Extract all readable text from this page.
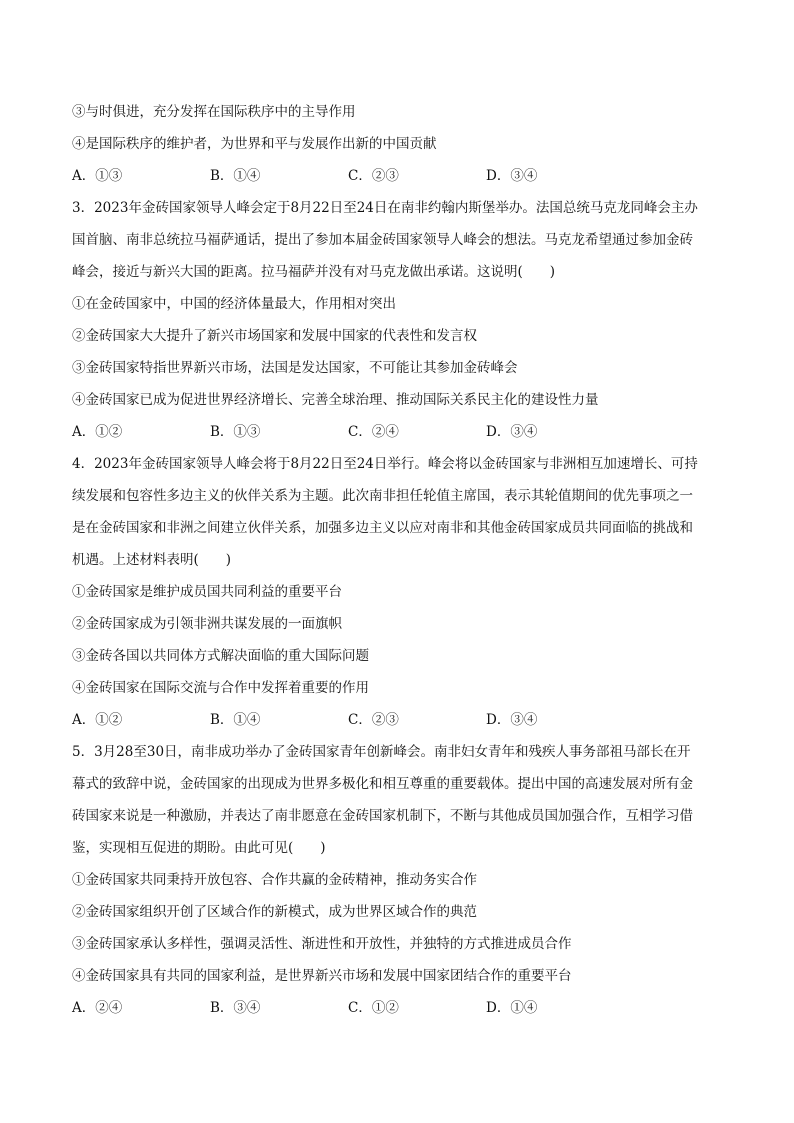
③与时俱进，充分发挥在国际秩序中的主导作用
④是国际秩序的维护者，为世界和平与发展作出新的中国贡献
A．①③	B．①④	C．②③	D．③④
3．2023年金砖国家领导人峰会定于8月22日至24日在南非约翰内斯堡举办。法国总统马克龙同峰会主办
国首脑、南非总统拉马福萨通话，提出了参加本届金砖国家领导人峰会的想法。马克龙希望通过参加金砖
峰会，接近与新兴大国的距离。拉马福萨并没有对马克龙做出承诺。这说明(　　)
①在金砖国家中，中国的经济体量最大，作用相对突出
②金砖国家大大提升了新兴市场国家和发展中国家的代表性和发言权
③金砖国家特指世界新兴市场，法国是发达国家，不可能让其参加金砖峰会
④金砖国家已成为促进世界经济增长、完善全球治理、推动国际关系民主化的建设性力量
A．①②	B．①③	C．②④	D．③④
4．2023年金砖国家领导人峰会将于8月22日至24日举行。峰会将以金砖国家与非洲相互加速增长、可持
续发展和包容性多边主义的伙伴关系为主题。此次南非担任轮值主席国，表示其轮值期间的优先事项之一
是在金砖国家和非洲之间建立伙伴关系，加强多边主义以应对南非和其他金砖国家成员共同面临的挑战和
机遇。上述材料表明(　　)
①金砖国家是维护成员国共同利益的重要平台
②金砖国家成为引领非洲共谋发展的一面旗帜
③金砖各国以共同体方式解决面临的重大国际问题
④金砖国家在国际交流与合作中发挥着重要的作用
A．①②	B．①④	C．②③	D．③④
5．3月28至30日，南非成功举办了金砖国家青年创新峰会。南非妇女青年和残疾人事务部祖马部长在开
幕式的致辞中说，金砖国家的出现成为世界多极化和相互尊重的重要载体。提出中国的高速发展对所有金
砖国家来说是一种激励，并表达了南非愿意在金砖国家机制下，不断与其他成员国加强合作，互相学习借
鉴，实现相互促进的期盼。由此可见(　　)
①金砖国家共同秉持开放包容、合作共赢的金砖精神，推动务实合作
②金砖国家组织开创了区域合作的新模式，成为世界区域合作的典范
③金砖国家承认多样性，强调灵活性、渐进性和开放性，并独特的方式推进成员合作
④金砖国家具有共同的国家利益，是世界新兴市场和发展中国家团结合作的重要平台
A．②④	B．③④	C．①②	D．①④
